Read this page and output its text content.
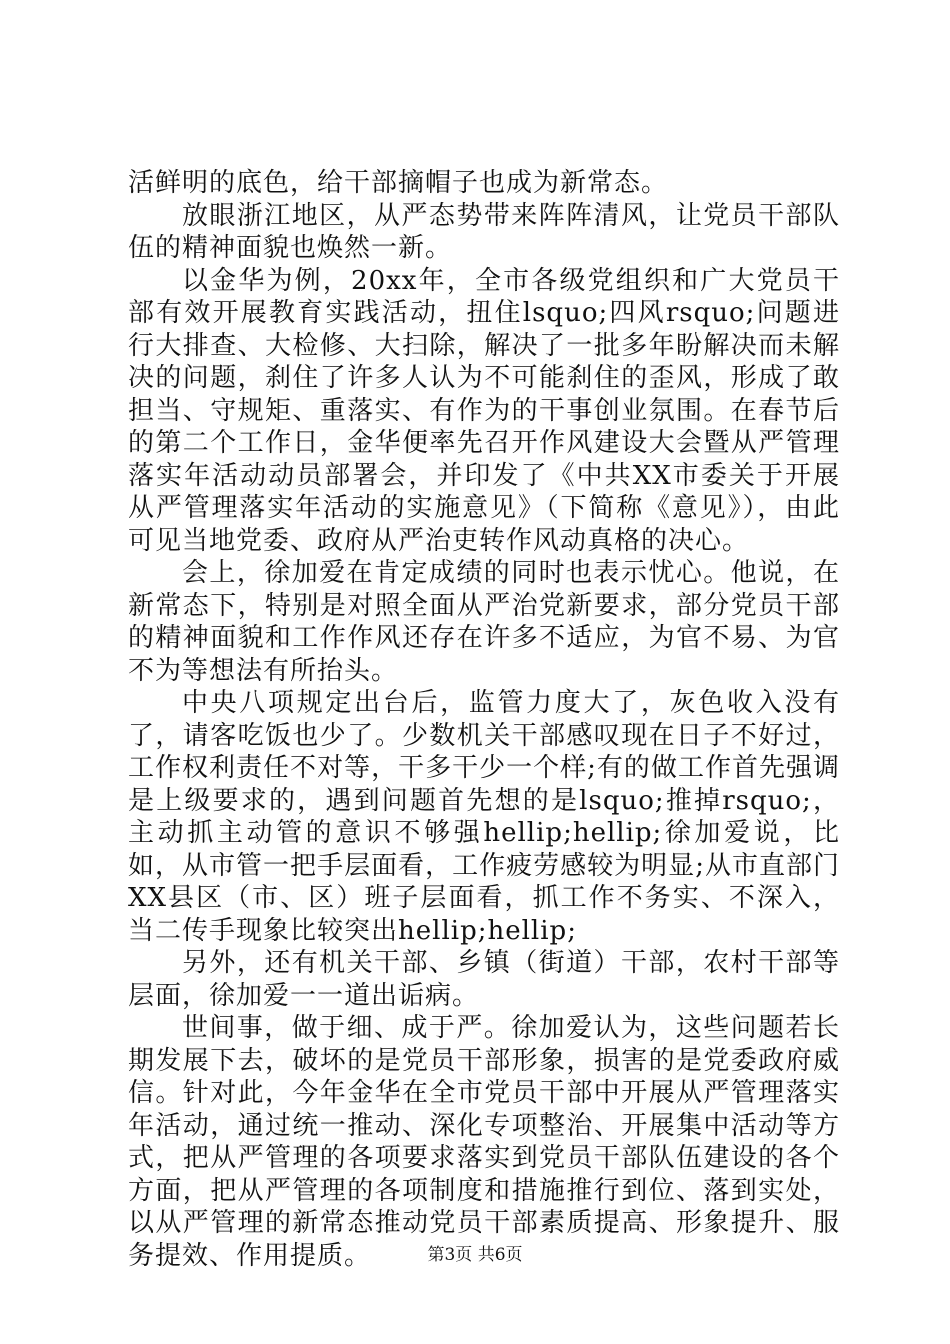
活鲜明的底色，给干部摘帽子也成为新常态。

放眼浙江地区，从严态势带来阵阵清风，让党员干部队伍的精神面貌也焕然一新。

以金华为例，20xx年，全市各级党组织和广大党员干部有效开展教育实践活动，扭住lsquo;四风rsquo;问题进行大排查、大检修、大扫除，解决了一批多年盼解决而未解决的问题，刹住了许多人认为不可能刹住的歪风，形成了敢担当、守规矩、重落实、有作为的干事创业氛围。在春节后的第二个工作日，金华便率先召开作风建设大会暨从严管理落实年活动动员部署会，并印发了《中共XX市委关于开展从严管理落实年活动的实施意见》（下简称《意见》），由此可见当地党委、政府从严治吏转作风动真格的决心。

会上，徐加爱在肯定成绩的同时也表示忧心。他说，在新常态下，特别是对照全面从严治党新要求，部分党员干部的精神面貌和工作作风还存在许多不适应，为官不易、为官不为等想法有所抬头。

中央八项规定出台后，监管力度大了，灰色收入没有了，请客吃饭也少了。少数机关干部感叹现在日子不好过，工作权利责任不对等，干多干少一个样;有的做工作首先强调是上级要求的，遇到问题首先想的是lsquo;推掉rsquo;，主动抓主动管的意识不够强hellip;hellip;徐加爱说，比如，从市管一把手层面看，工作疲劳感较为明显;从市直部门XX县区（市、区）班子层面看，抓工作不务实、不深入，当二传手现象比较突出hellip;hellip;

另外，还有机关干部、乡镇（街道）干部，农村干部等层面，徐加爱一一道出诟病。

世间事，做于细、成于严。徐加爱认为，这些问题若长期发展下去，破坏的是党员干部形象，损害的是党委政府威信。针对此，今年金华在全市党员干部中开展从严管理落实年活动，通过统一推动、深化专项整治、开展集中活动等方式，把从严管理的各项要求落实到党员干部队伍建设的各个方面，把从严管理的各项制度和措施推行到位、落到实处，以从严管理的新常态推动党员干部素质提高、形象提升、服务提效、作用提质。	第3页 共6页
